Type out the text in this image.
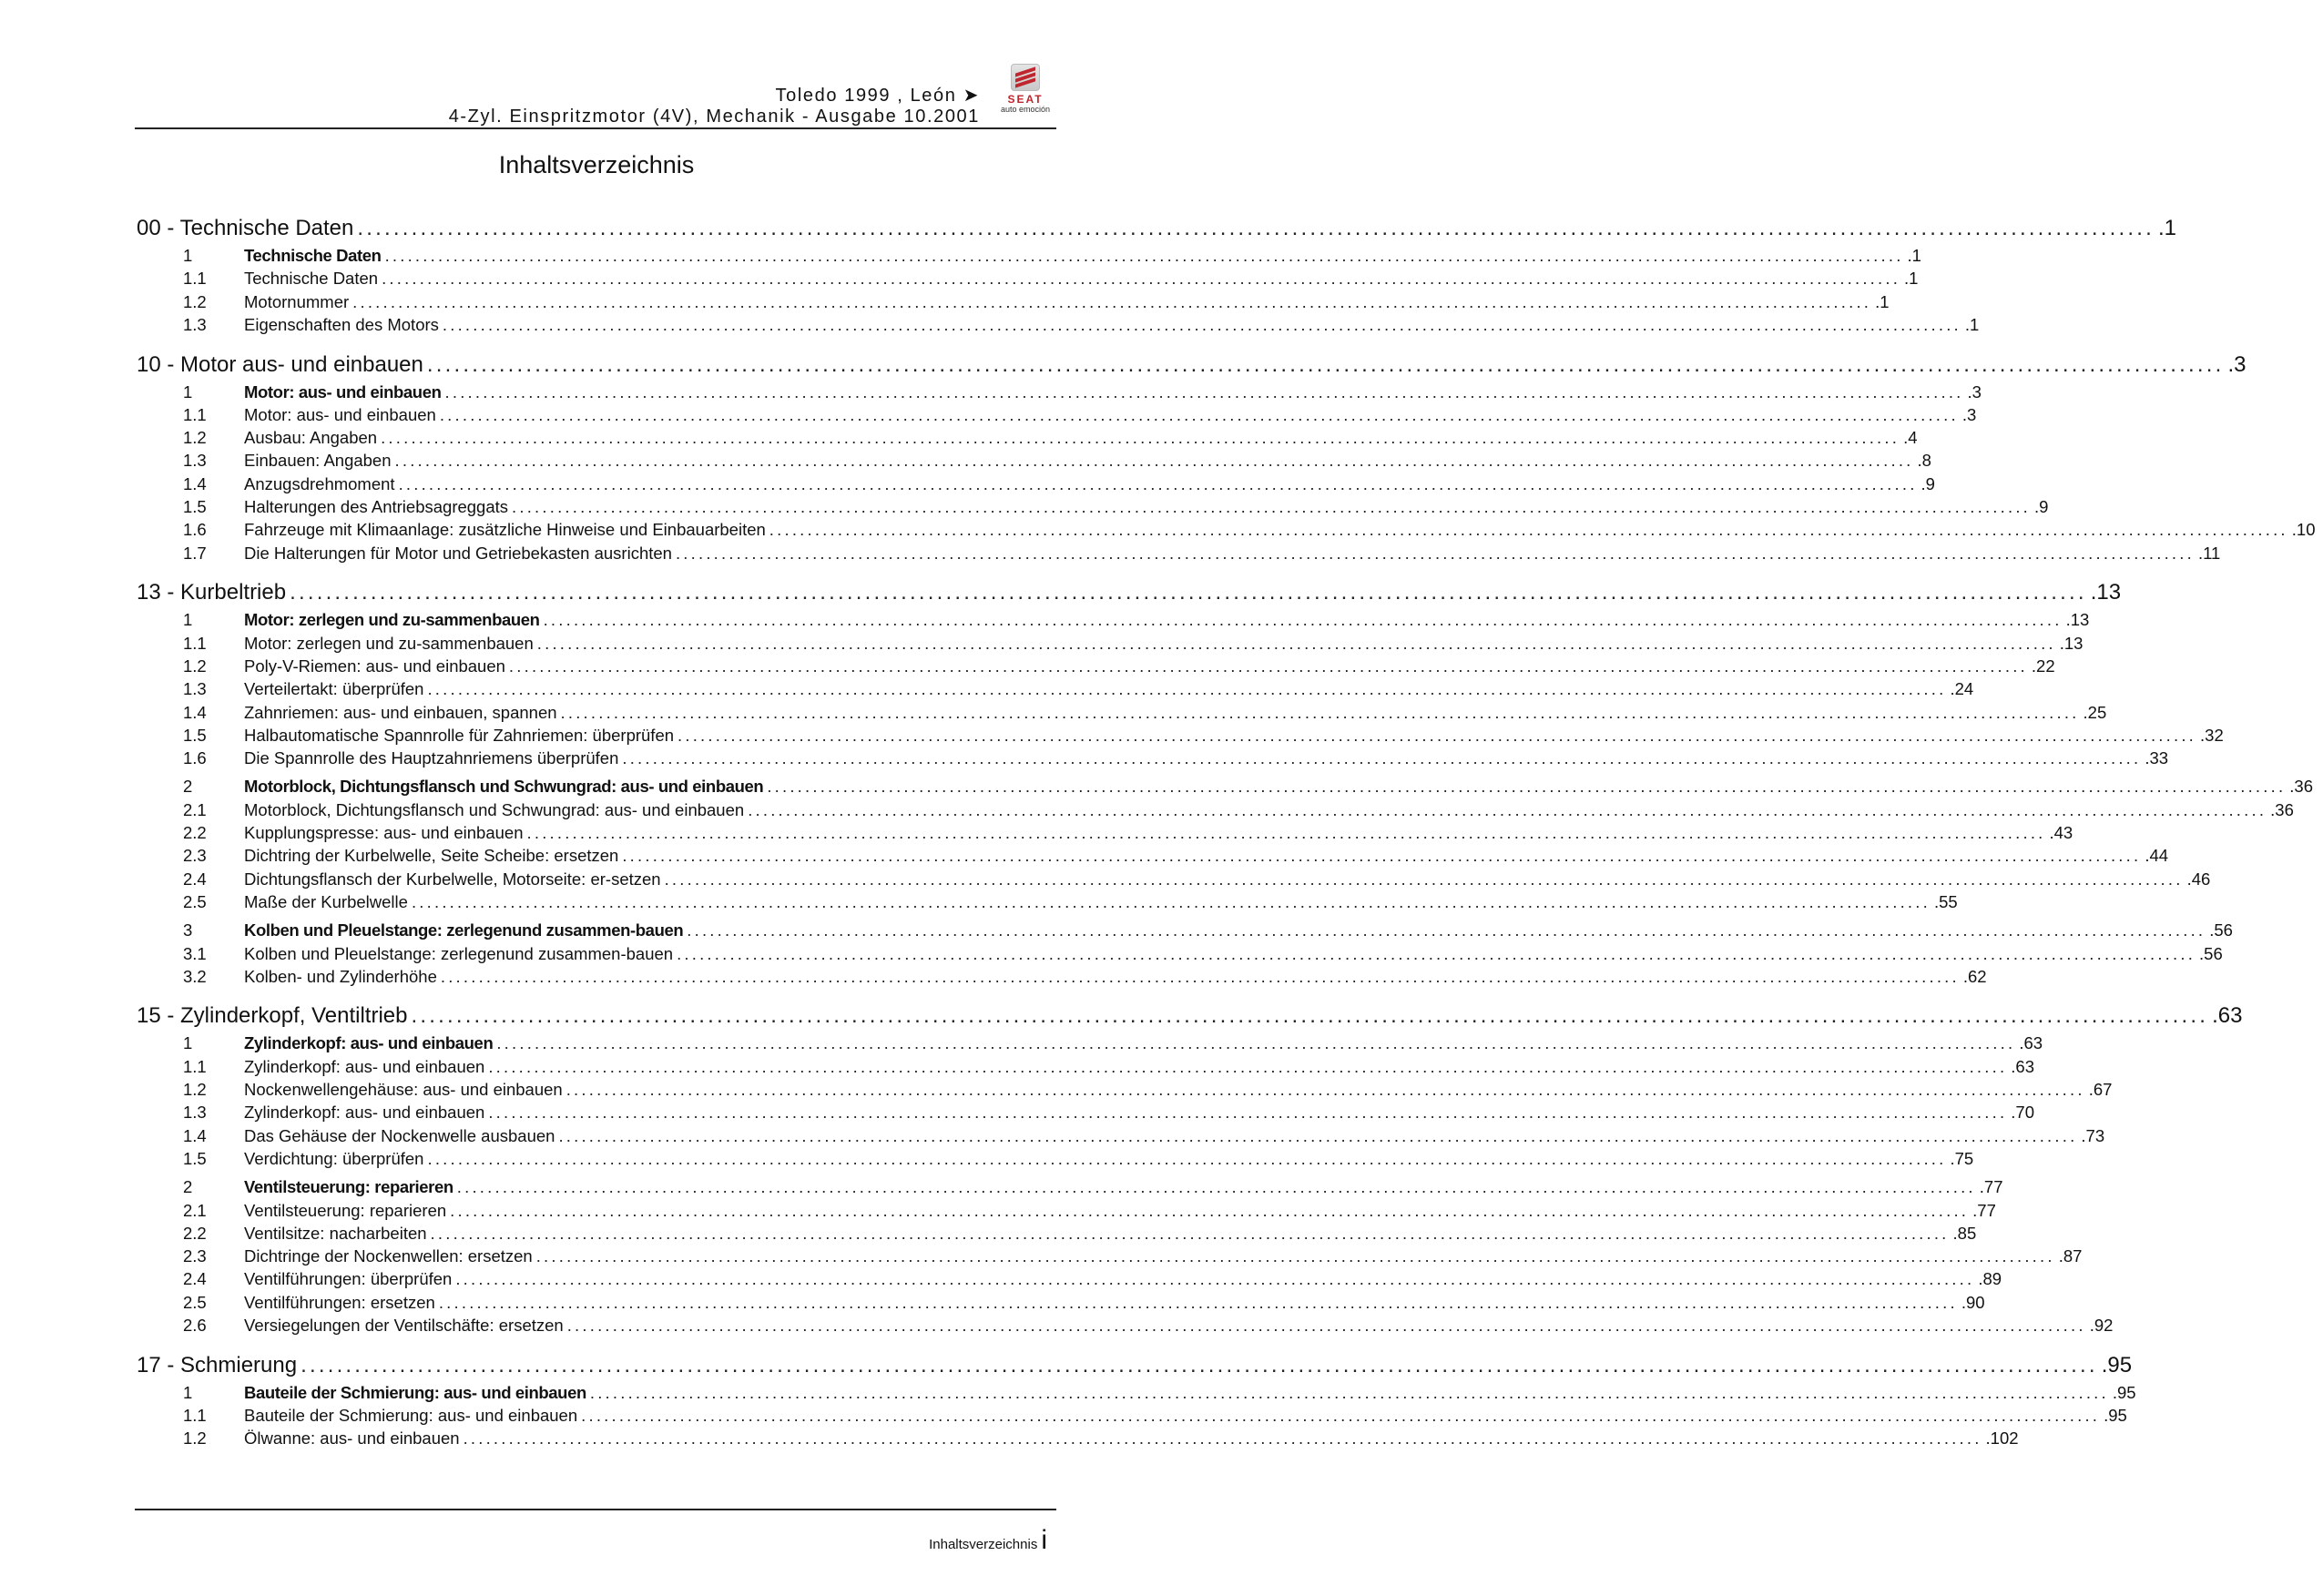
Toledo 1999 , León ➤
4-Zyl. Einspritzmotor (4V), Mechanik - Ausgabe 10.2001
SEAT
auto emoción
Inhaltsverzeichnis
00 - Technische Daten ........................................................................................................................................................................................................ .1
1	Technische Daten ........................................................................................................................................................................................................ .1
1.1	Technische Daten ........................................................................................................................................................................................................ .1
1.2	Motornummer ........................................................................................................................................................................................................ .1
1.3	Eigenschaften des Motors ........................................................................................................................................................................................................ .1
10 - Motor aus- und einbauen ........................................................................................................................................................................................................ .3
1	Motor: aus- und einbauen ........................................................................................................................................................................................................ .3
1.1	Motor: aus- und einbauen ........................................................................................................................................................................................................ .3
1.2	Ausbau: Angaben ........................................................................................................................................................................................................ .4
1.3	Einbauen: Angaben ........................................................................................................................................................................................................ .8
1.4	Anzugsdrehmoment ........................................................................................................................................................................................................ .9
1.5	Halterungen des Antriebsagreggats ........................................................................................................................................................................................................ .9
1.6	Fahrzeuge mit Klimaanlage: zusätzliche Hinweise und Einbauarbeiten ........................................................................................................................................................................................................ .10
1.7	Die Halterungen für Motor und Getriebekasten ausrichten ........................................................................................................................................................................................................ .11
13 - Kurbeltrieb ........................................................................................................................................................................................................ .13
1	Motor: zerlegen und zu-sammenbauen ........................................................................................................................................................................................................ .13
1.1	Motor: zerlegen und zu-sammenbauen ........................................................................................................................................................................................................ .13
1.2	Poly-V-Riemen: aus- und einbauen ........................................................................................................................................................................................................ .22
1.3	Verteilertakt: überprüfen ........................................................................................................................................................................................................ .24
1.4	Zahnriemen: aus- und einbauen, spannen ........................................................................................................................................................................................................ .25
1.5	Halbautomatische Spannrolle für Zahnriemen: überprüfen ........................................................................................................................................................................................................ .32
1.6	Die Spannrolle des Hauptzahnriemens überprüfen ........................................................................................................................................................................................................ .33
2	Motorblock, Dichtungsflansch und Schwungrad: aus- und einbauen ........................................................................................................................................................................................................ .36
2.1	Motorblock, Dichtungsflansch und Schwungrad: aus- und einbauen ........................................................................................................................................................................................................ .36
2.2	Kupplungspresse: aus- und einbauen ........................................................................................................................................................................................................ .43
2.3	Dichtring der Kurbelwelle, Seite Scheibe: ersetzen ........................................................................................................................................................................................................ .44
2.4	Dichtungsflansch der Kurbelwelle, Motorseite: er-setzen ........................................................................................................................................................................................................ .46
2.5	Maße der Kurbelwelle ........................................................................................................................................................................................................ .55
3	Kolben und Pleuelstange: zerlegenund zusammen-bauen ........................................................................................................................................................................................................ .56
3.1	Kolben und Pleuelstange: zerlegenund zusammen-bauen ........................................................................................................................................................................................................ .56
3.2	Kolben- und Zylinderhöhe ........................................................................................................................................................................................................ .62
15 - Zylinderkopf, Ventiltrieb ........................................................................................................................................................................................................ .63
1	Zylinderkopf: aus- und einbauen ........................................................................................................................................................................................................ .63
1.1	Zylinderkopf: aus- und einbauen ........................................................................................................................................................................................................ .63
1.2	Nockenwellengehäuse: aus- und einbauen ........................................................................................................................................................................................................ .67
1.3	Zylinderkopf: aus- und einbauen ........................................................................................................................................................................................................ .70
1.4	Das Gehäuse der Nockenwelle ausbauen ........................................................................................................................................................................................................ .73
1.5	Verdichtung: überprüfen ........................................................................................................................................................................................................ .75
2	Ventilsteuerung: reparieren ........................................................................................................................................................................................................ .77
2.1	Ventilsteuerung: reparieren ........................................................................................................................................................................................................ .77
2.2	Ventilsitze: nacharbeiten ........................................................................................................................................................................................................ .85
2.3	Dichtringe der Nockenwellen: ersetzen ........................................................................................................................................................................................................ .87
2.4	Ventilführungen: überprüfen ........................................................................................................................................................................................................ .89
2.5	Ventilführungen: ersetzen ........................................................................................................................................................................................................ .90
2.6	Versiegelungen der Ventilschäfte: ersetzen ........................................................................................................................................................................................................ .92
17 - Schmierung ........................................................................................................................................................................................................ .95
1	Bauteile der Schmierung: aus- und einbauen ........................................................................................................................................................................................................ .95
1.1	Bauteile der Schmierung: aus- und einbauen ........................................................................................................................................................................................................ .95
1.2	Ölwanne: aus- und einbauen ........................................................................................................................................................................................................ .102
Inhaltsverzeichnis i
